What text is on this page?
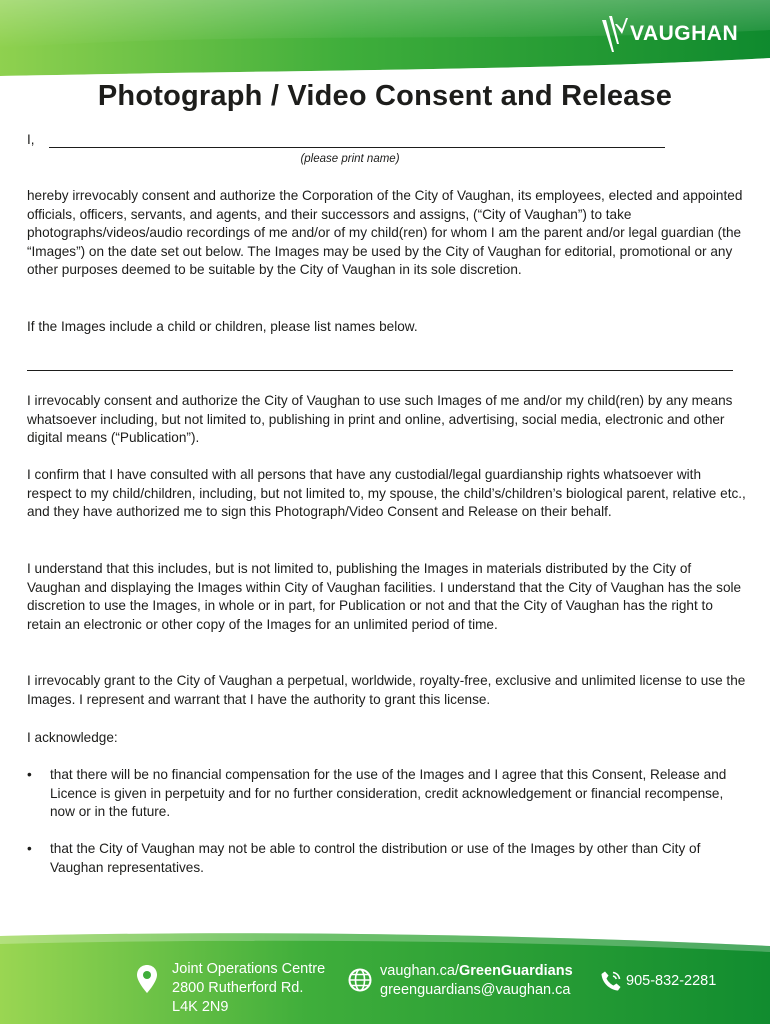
VAUGHAN
Photograph / Video Consent and Release
I,
(please print name)

hereby irrevocably consent and authorize the Corporation of the City of Vaughan, its employees, elected and appointed officials, officers, servants, and agents, and their successors and assigns, (“City of Vaughan”) to take photographs/videos/audio recordings of me and/or of my child(ren) for whom I am the parent and/or legal guardian (the “Images”) on the date set out below. The Images may be used by the City of Vaughan for editorial, promotional or any other purposes deemed to be suitable by the City of Vaughan in its sole discretion.

If the Images include a child or children, please list names below.

I irrevocably consent and authorize the City of Vaughan to use such Images of me and/or my child(ren) by any means whatsoever including, but not limited to, publishing in print and online, advertising, social media, electronic and other digital means (“Publication”).

I confirm that I have consulted with all persons that have any custodial/legal guardianship rights whatsoever with respect to my child/children, including, but not limited to, my spouse, the child’s/children’s biological parent, relative etc., and they have authorized me to sign this Photograph/Video Consent and Release on their behalf.

I understand that this includes, but is not limited to, publishing the Images in materials distributed by the City of Vaughan and displaying the Images within City of Vaughan facilities. I understand that the City of Vaughan has the sole discretion to use the Images, in whole or in part, for Publication or not and that the City of Vaughan has the right to retain an electronic or other copy of the Images for an unlimited period of time.

I irrevocably grant to the City of Vaughan a perpetual, worldwide, royalty-free, exclusive and unlimited license to use the Images. I represent and warrant that I have the authority to grant this license.

I acknowledge:

• that there will be no financial compensation for the use of the Images and I agree that this Consent, Release and Licence is given in perpetuity and for no further consideration, credit acknowledgement or financial recompense, now or in the future.
• that the City of Vaughan may not be able to control the distribution or use of the Images by other than City of Vaughan representatives.
Joint Operations Centre
2800 Rutherford Rd.
L4K 2N9
vaughan.ca/GreenGuardians
greenguardians@vaughan.ca
905-832-2281
